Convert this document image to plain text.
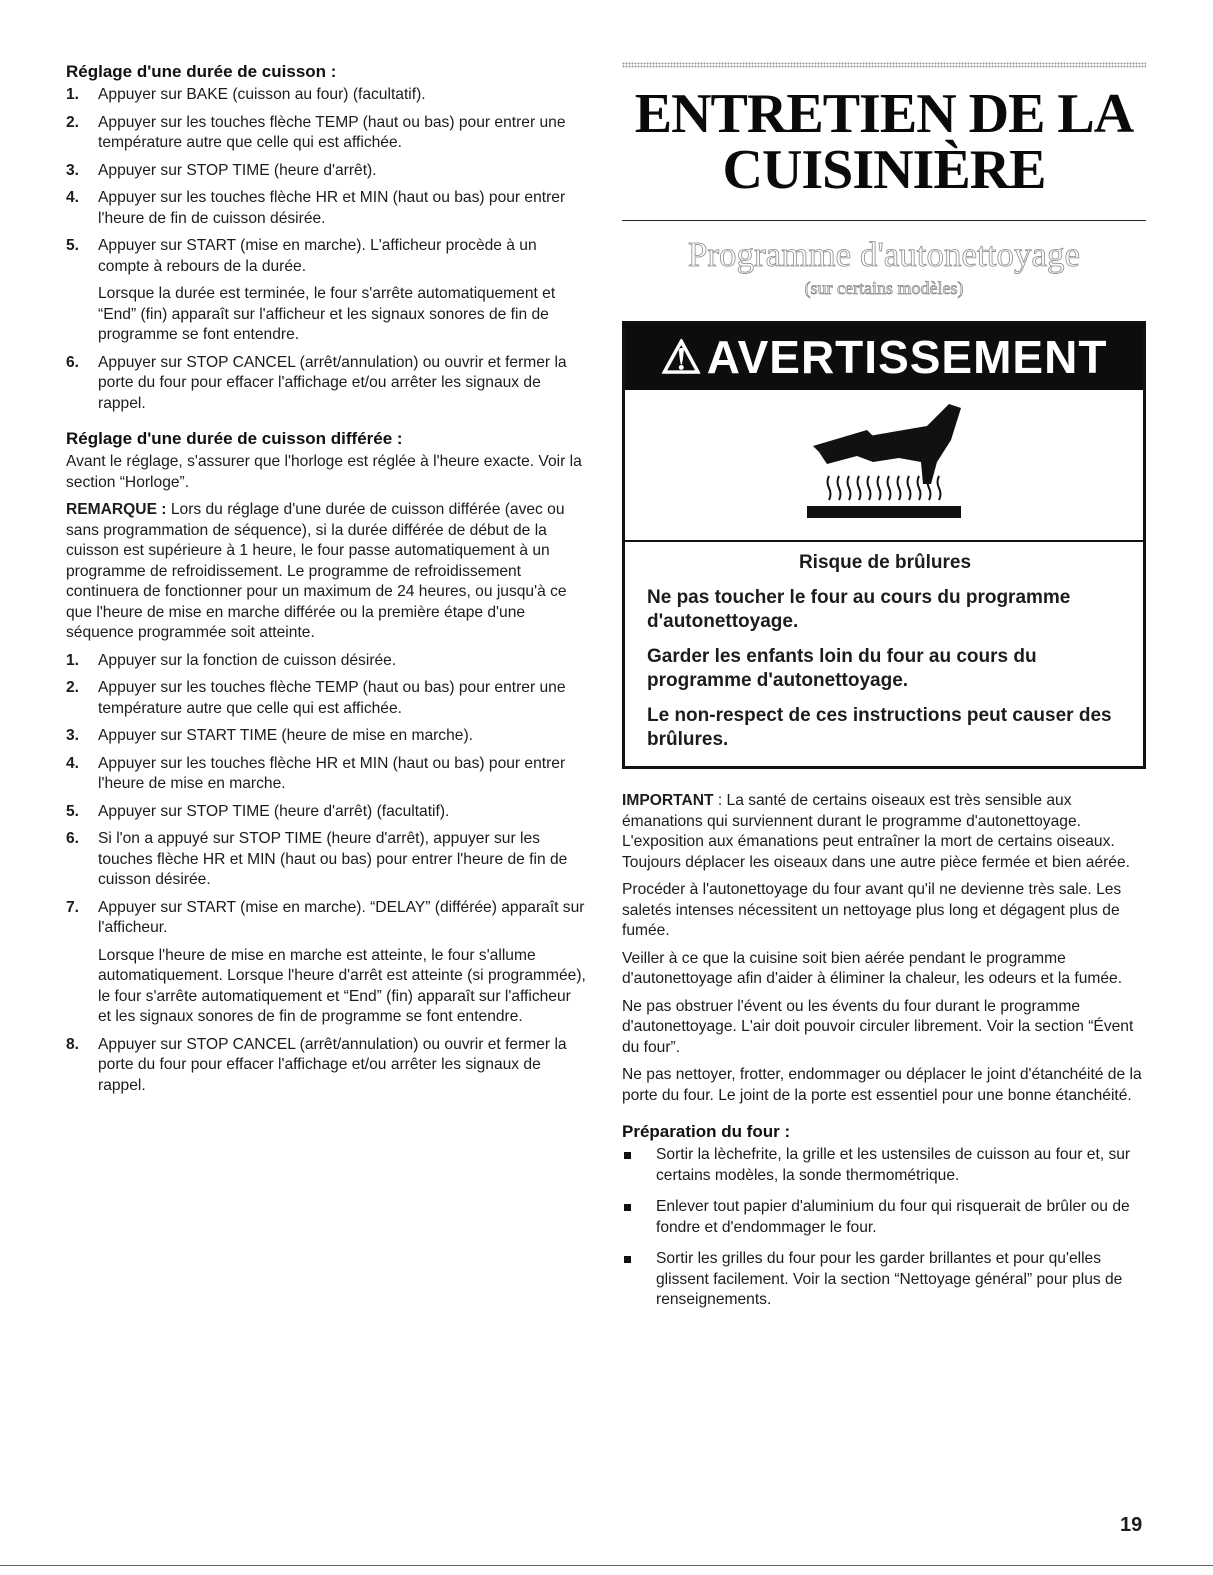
Réglage d'une durée de cuisson :
1. Appuyer sur BAKE (cuisson au four) (facultatif).
2. Appuyer sur les touches flèche TEMP (haut ou bas) pour entrer une température autre que celle qui est affichée.
3. Appuyer sur STOP TIME (heure d'arrêt).
4. Appuyer sur les touches flèche HR et MIN (haut ou bas) pour entrer l'heure de fin de cuisson désirée.
5. Appuyer sur START (mise en marche). L'afficheur procède à un compte à rebours de la durée.
Lorsque la durée est terminée, le four s'arrête automatiquement et “End” (fin) apparaît sur l'afficheur et les signaux sonores de fin de programme se font entendre.
6. Appuyer sur STOP CANCEL (arrêt/annulation) ou ouvrir et fermer la porte du four pour effacer l'affichage et/ou arrêter les signaux de rappel.
Réglage d'une durée de cuisson différée :

Avant le réglage, s'assurer que l'horloge est réglée à l'heure exacte. Voir la section “Horloge”.

REMARQUE : Lors du réglage d'une durée de cuisson différée (avec ou sans programmation de séquence), si la durée différée de début de la cuisson est supérieure à 1 heure, le four passe automatiquement à un programme de refroidissement. Le programme de refroidissement continuera de fonctionner pour un maximum de 24 heures, ou jusqu'à ce que l'heure de mise en marche différée ou la première étape d'une séquence programmée soit atteinte.

1. Appuyer sur la fonction de cuisson désirée.
2. Appuyer sur les touches flèche TEMP (haut ou bas) pour entrer une température autre que celle qui est affichée.
3. Appuyer sur START TIME (heure de mise en marche).
4. Appuyer sur les touches flèche HR et MIN (haut ou bas) pour entrer l'heure de mise en marche.
5. Appuyer sur STOP TIME (heure d'arrêt) (facultatif).
6. Si l'on a appuyé sur STOP TIME (heure d'arrêt), appuyer sur les touches flèche HR et MIN (haut ou bas) pour entrer l'heure de fin de cuisson désirée.
7. Appuyer sur START (mise en marche). “DELAY” (différée) apparaît sur l'afficheur.
Lorsque l'heure de mise en marche est atteinte, le four s'allume automatiquement. Lorsque l'heure d'arrêt est atteinte (si programmée), le four s'arrête automatiquement et “End” (fin) apparaît sur l'afficheur et les signaux sonores de fin de programme se font entendre.
8. Appuyer sur STOP CANCEL (arrêt/annulation) ou ouvrir et fermer la porte du four pour effacer l'affichage et/ou arrêter les signaux de rappel.
ENTRETIEN DE LA
CUISINIÈRE
Programme d'autonettoyage
(sur certains modèles)
⚠AVERTISSEMENT
Risque de brûlures
Ne pas toucher le four au cours du programme d'autonettoyage.
Garder les enfants loin du four au cours du programme d'autonettoyage.
Le non-respect de ces instructions peut causer des brûlures.

IMPORTANT : La santé de certains oiseaux est très sensible aux émanations qui surviennent durant le programme d'autonettoyage. L'exposition aux émanations peut entraîner la mort de certains oiseaux. Toujours déplacer les oiseaux dans une autre pièce fermée et bien aérée.

Procéder à l'autonettoyage du four avant qu'il ne devienne très sale. Les saletés intenses nécessitent un nettoyage plus long et dégagent plus de fumée.

Veiller à ce que la cuisine soit bien aérée pendant le programme d'autonettoyage afin d'aider à éliminer la chaleur, les odeurs et la fumée.

Ne pas obstruer l'évent ou les évents du four durant le programme d'autonettoyage. L'air doit pouvoir circuler librement. Voir la section “Évent du four”.

Ne pas nettoyer, frotter, endommager ou déplacer le joint d'étanchéité de la porte du four. Le joint de la porte est essentiel pour une bonne étanchéité.

Préparation du four :
Sortir la lèchefrite, la grille et les ustensiles de cuisson au four et, sur certains modèles, la sonde thermométrique.
Enlever tout papier d'aluminium du four qui risquerait de brûler ou de fondre et d'endommager le four.
Sortir les grilles du four pour les garder brillantes et pour qu'elles glissent facilement. Voir la section “Nettoyage général” pour plus de renseignements.
19
